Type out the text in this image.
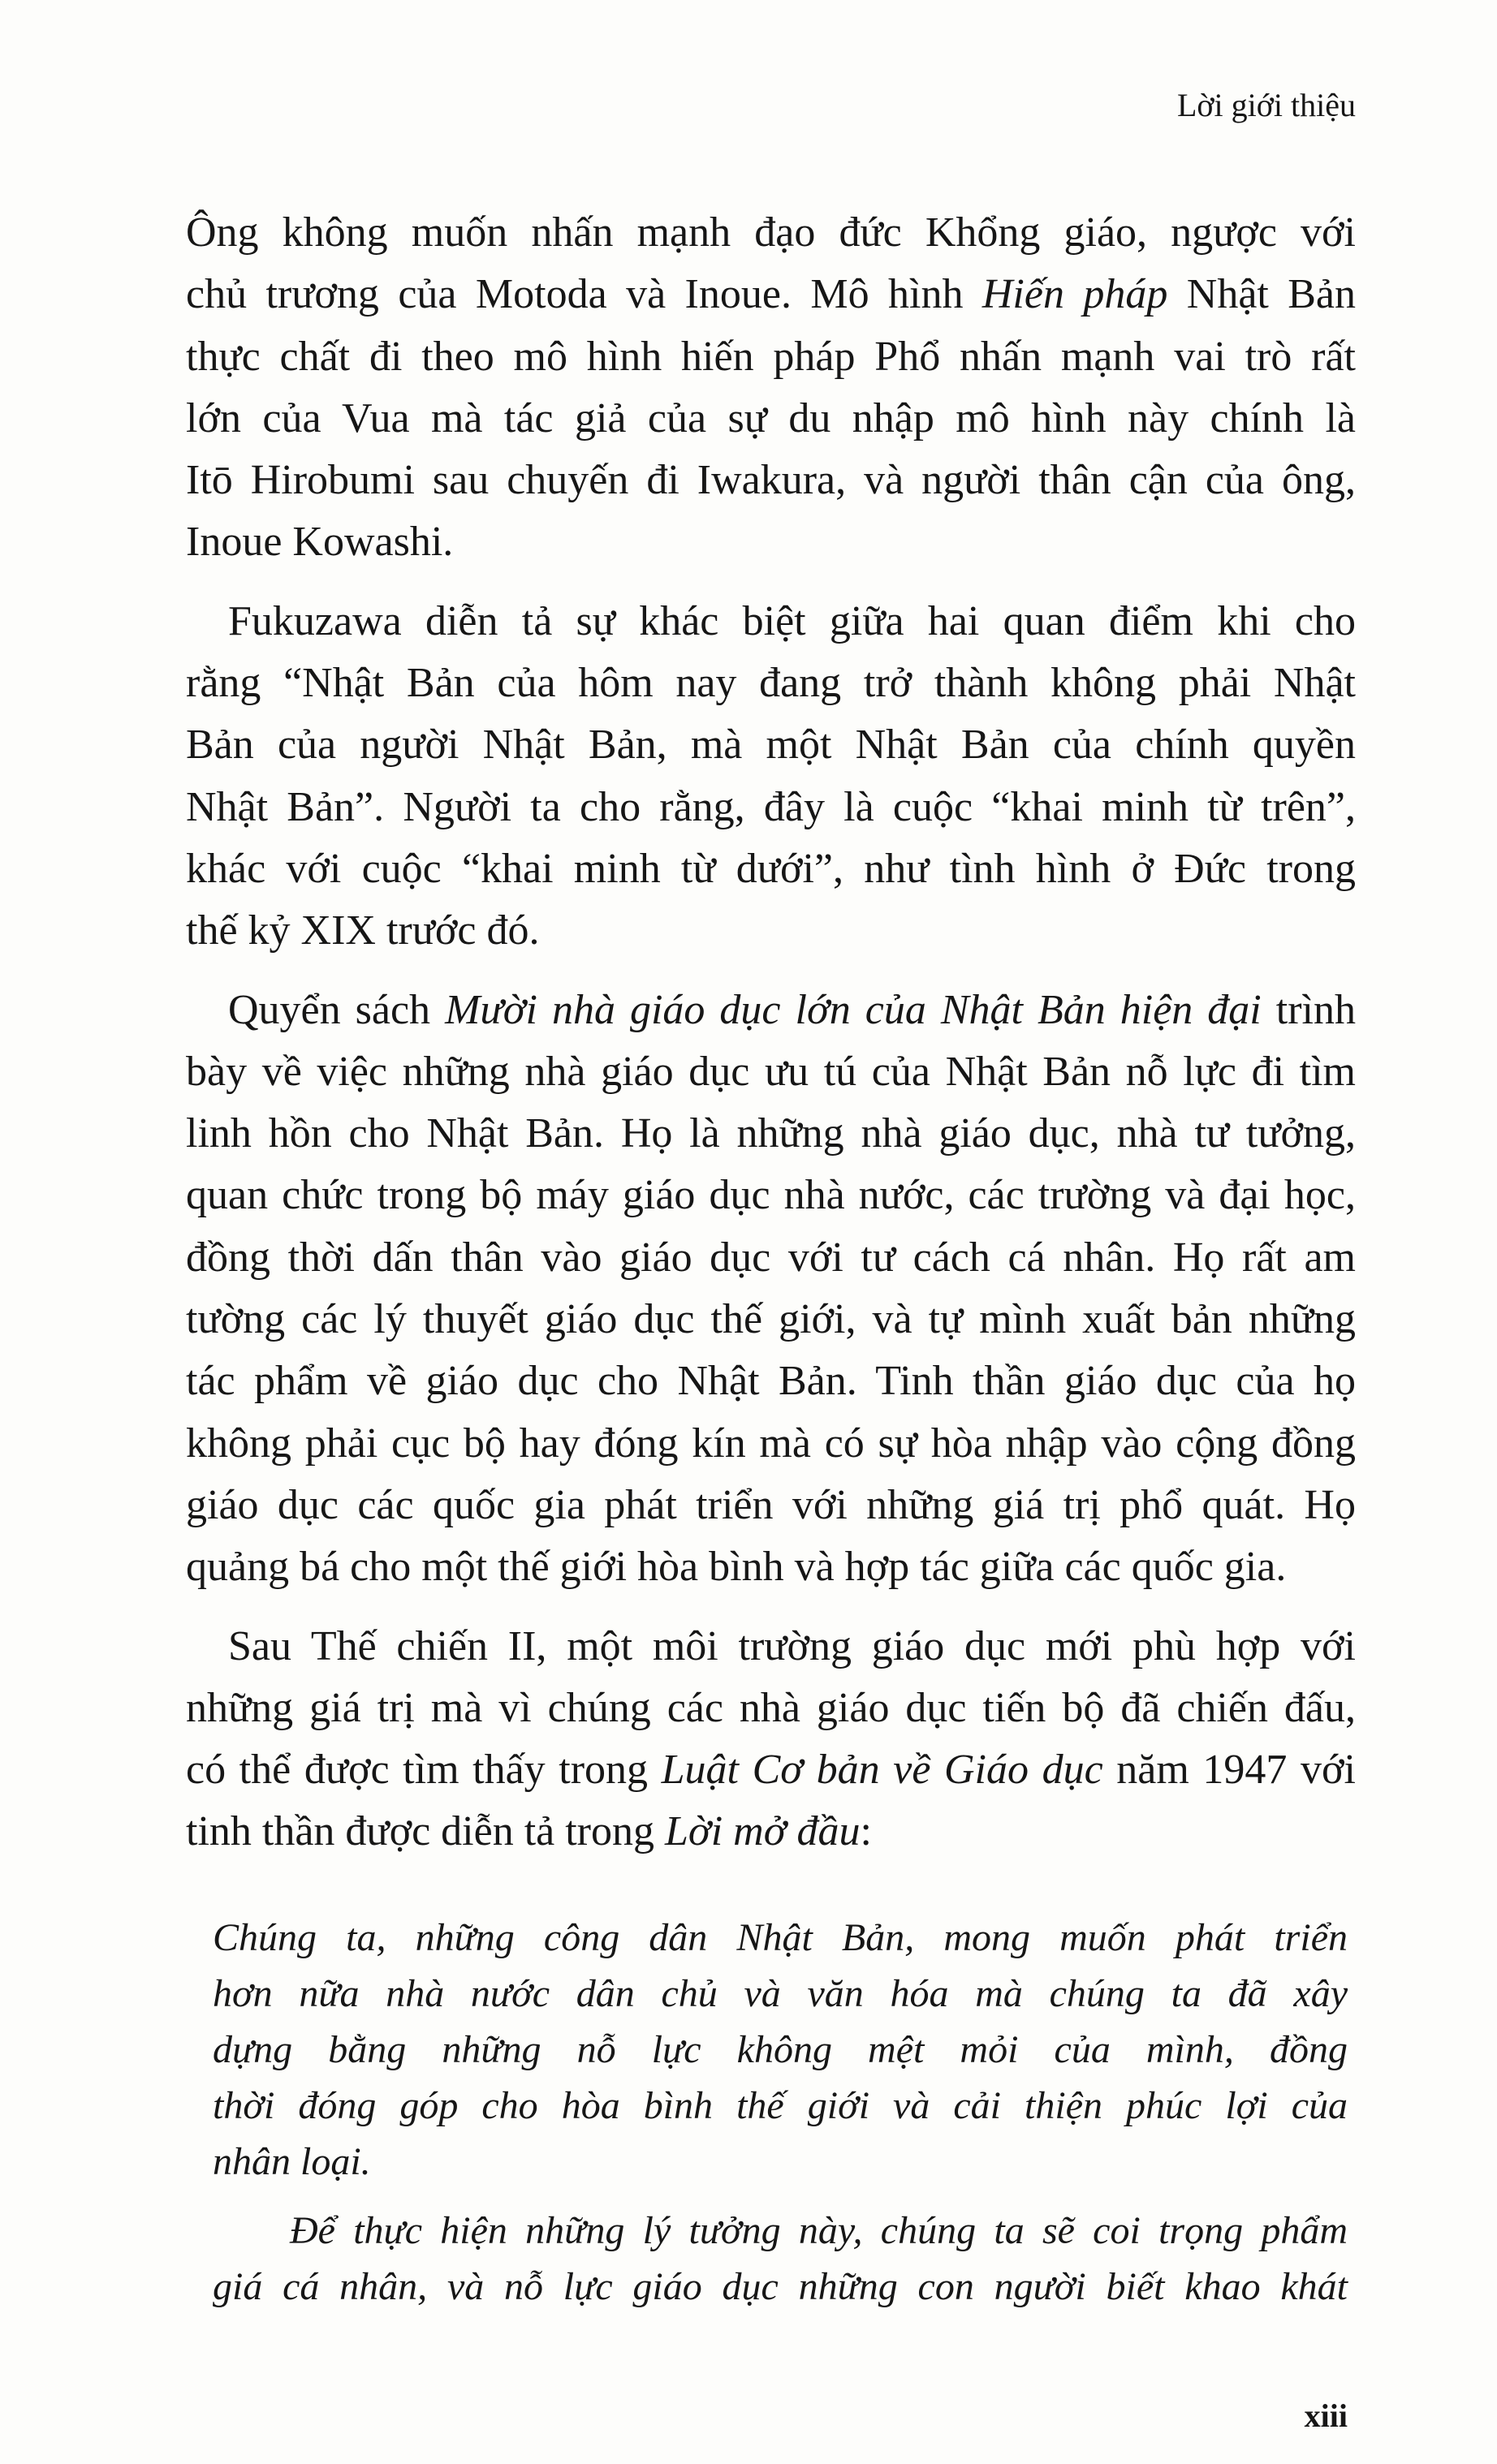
Lời giới thiệu
Ông không muốn nhấn mạnh đạo đức Khổng giáo, ngược với
chủ trương của Motoda và Inoue. Mô hình Hiến pháp Nhật Bản
thực chất đi theo mô hình hiến pháp Phổ nhấn mạnh vai trò rất
lớn của Vua mà tác giả của sự du nhập mô hình này chính là
Itō Hirobumi sau chuyến đi Iwakura, và người thân cận của ông,
Inoue Kowashi.
Fukuzawa diễn tả sự khác biệt giữa hai quan điểm khi cho
rằng “Nhật Bản của hôm nay đang trở thành không phải Nhật
Bản của người Nhật Bản, mà một Nhật Bản của chính quyền
Nhật Bản”. Người ta cho rằng, đây là cuộc “khai minh từ trên”,
khác với cuộc “khai minh từ dưới”, như tình hình ở Đức trong
thế kỷ XIX trước đó.
Quyển sách Mười nhà giáo dục lớn của Nhật Bản hiện đại trình
bày về việc những nhà giáo dục ưu tú của Nhật Bản nỗ lực đi tìm
linh hồn cho Nhật Bản. Họ là những nhà giáo dục, nhà tư tưởng,
quan chức trong bộ máy giáo dục nhà nước, các trường và đại học,
đồng thời dấn thân vào giáo dục với tư cách cá nhân. Họ rất am
tường các lý thuyết giáo dục thế giới, và tự mình xuất bản những
tác phẩm về giáo dục cho Nhật Bản. Tinh thần giáo dục của họ
không phải cục bộ hay đóng kín mà có sự hòa nhập vào cộng đồng
giáo dục các quốc gia phát triển với những giá trị phổ quát. Họ
quảng bá cho một thế giới hòa bình và hợp tác giữa các quốc gia.
Sau Thế chiến II, một môi trường giáo dục mới phù hợp với
những giá trị mà vì chúng các nhà giáo dục tiến bộ đã chiến đấu,
có thể được tìm thấy trong Luật Cơ bản về Giáo dục năm 1947 với
tinh thần được diễn tả trong Lời mở đầu:
Chúng ta, những công dân Nhật Bản, mong muốn phát triển
hơn nữa nhà nước dân chủ và văn hóa mà chúng ta đã xây
dựng bằng những nỗ lực không mệt mỏi của mình, đồng
thời đóng góp cho hòa bình thế giới và cải thiện phúc lợi của
nhân loại.
Để thực hiện những lý tưởng này, chúng ta sẽ coi trọng phẩm
giá cá nhân, và nỗ lực giáo dục những con người biết khao khát
xiii
